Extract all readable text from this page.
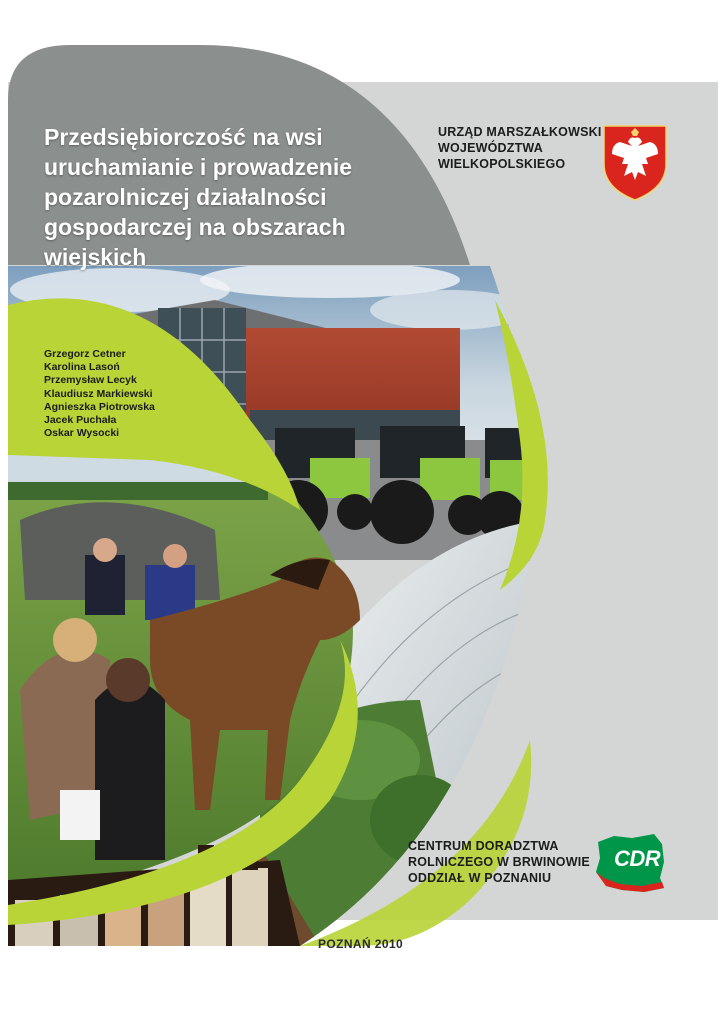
Przedsiębiorczość na wsi
uruchamianie i prowadzenie
pozarolniczej działalności
gospodarczej na obszarach wiejskich
URZĄD MARSZAŁKOWSKI
WOJEWÓDZTWA
WIELKOPOLSKIEGO
Grzegorz Cetner
Karolina Lasoń
Przemysław Lecyk
Klaudiusz Markiewski
Agnieszka Piotrowska
Jacek Puchała
Oskar Wysocki
CENTRUM DORADZTWA
ROLNICZEGO W BRWINOWIE
ODDZIAŁ W POZNANIU
CDR
POZNAŃ 2010
